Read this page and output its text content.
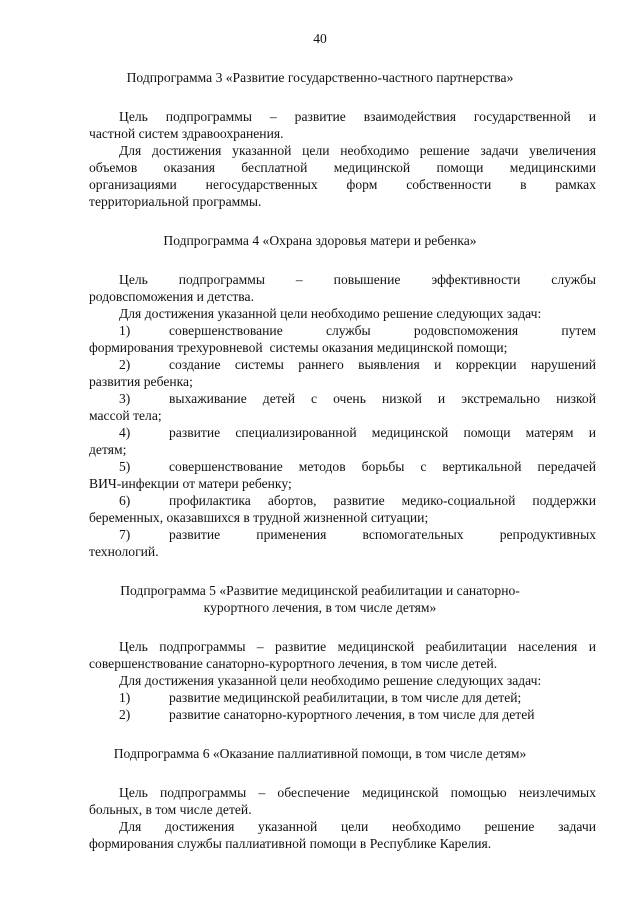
40

Подпрограмма 3 «Развитие государственно-частного партнерства»

Цель подпрограммы – развитие взаимодействия государственной и

частной систем здравоохранения.

Для достижения указанной цели необходимо решение задачи увеличения

объемов оказания бесплатной медицинской помощи медицинскими

организациями негосударственных форм собственности в рамках

территориальной программы.

Подпрограмма 4 «Охрана здоровья матери и ребенка»

Цель подпрограммы – повышение эффективности службы

родовспоможения и детства.

Для достижения указанной цели необходимо решение следующих задач:

1)	совершенствование службы родовспоможения путем

формирования трехуровневой  системы оказания медицинской помощи;

2)	создание системы раннего выявления и коррекции нарушений

развития ребенка;

3)	выхаживание детей с очень низкой и экстремально низкой

массой тела;

4)	развитие специализированной медицинской помощи матерям и

детям;

5)	совершенствование методов борьбы с вертикальной передачей

ВИЧ-инфекции от матери ребенку;

6)	профилактика абортов, развитие медико-социальной поддержки

беременных, оказавшихся в трудной жизненной ситуации;

7)	развитие применения вспомогательных репродуктивных

технологий.

Подпрограмма 5 «Развитие медицинской реабилитации и санаторно-

курортного лечения, в том числе детям»

Цель подпрограммы – развитие медицинской реабилитации населения и

совершенствование санаторно-курортного лечения, в том числе детей.

Для достижения указанной цели необходимо решение следующих задач:

1)	развитие медицинской реабилитации, в том числе для детей;

2)	развитие санаторно-курортного лечения, в том числе для детей

Подпрограмма 6 «Оказание паллиативной помощи, в том числе детям»

Цель подпрограммы – обеспечение медицинской помощью неизлечимых

больных, в том числе детей.

Для достижения указанной цели необходимо решение задачи

формирования службы паллиативной помощи в Республике Карелия.
